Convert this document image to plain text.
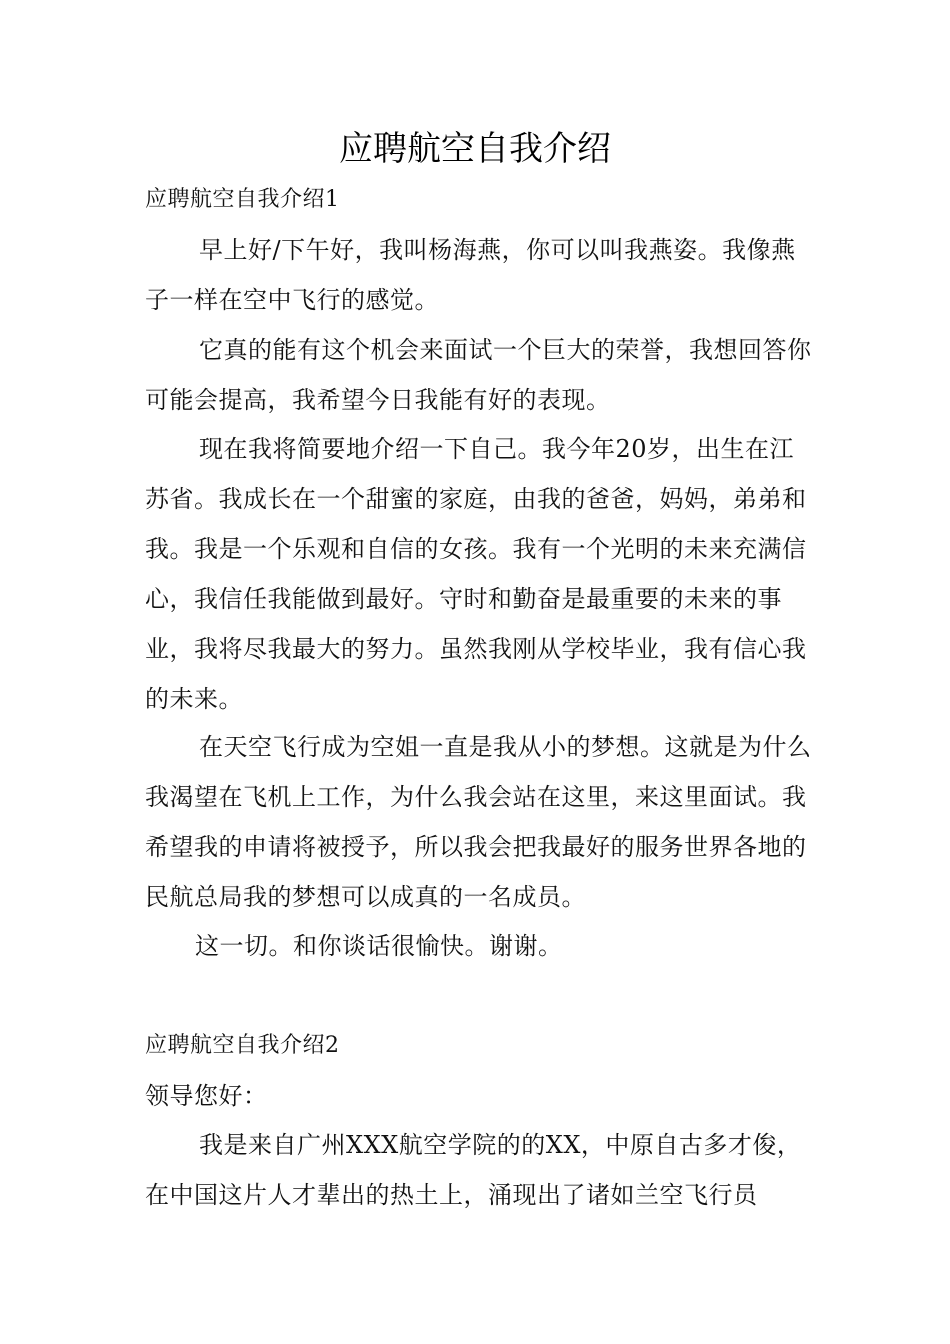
应聘航空自我介绍

应聘航空自我介绍1

早上好/下午好，我叫杨海燕，你可以叫我燕姿。我像燕子一样在空中飞行的感觉。

它真的能有这个机会来面试一个巨大的荣誉，我想回答你可能会提高，我希望今日我能有好的表现。

现在我将简要地介绍一下自己。我今年20岁，出生在江苏省。我成长在一个甜蜜的家庭，由我的爸爸，妈妈，弟弟和我。我是一个乐观和自信的女孩。我有一个光明的未来充满信心，我信任我能做到最好。守时和勤奋是最重要的未来的事业，我将尽我最大的努力。虽然我刚从学校毕业，我有信心我的未来。

在天空飞行成为空姐一直是我从小的梦想。这就是为什么我渴望在飞机上工作，为什么我会站在这里，来这里面试。我希望我的申请将被授予，所以我会把我最好的服务世界各地的民航总局我的梦想可以成真的一名成员。

这一切。和你谈话很愉快。谢谢。

应聘航空自我介绍2

领导您好：

我是来自广州XXX航空学院的的XX，中原自古多才俊，在中国这片人才辈出的热土上，涌现出了诸如兰空飞行员
